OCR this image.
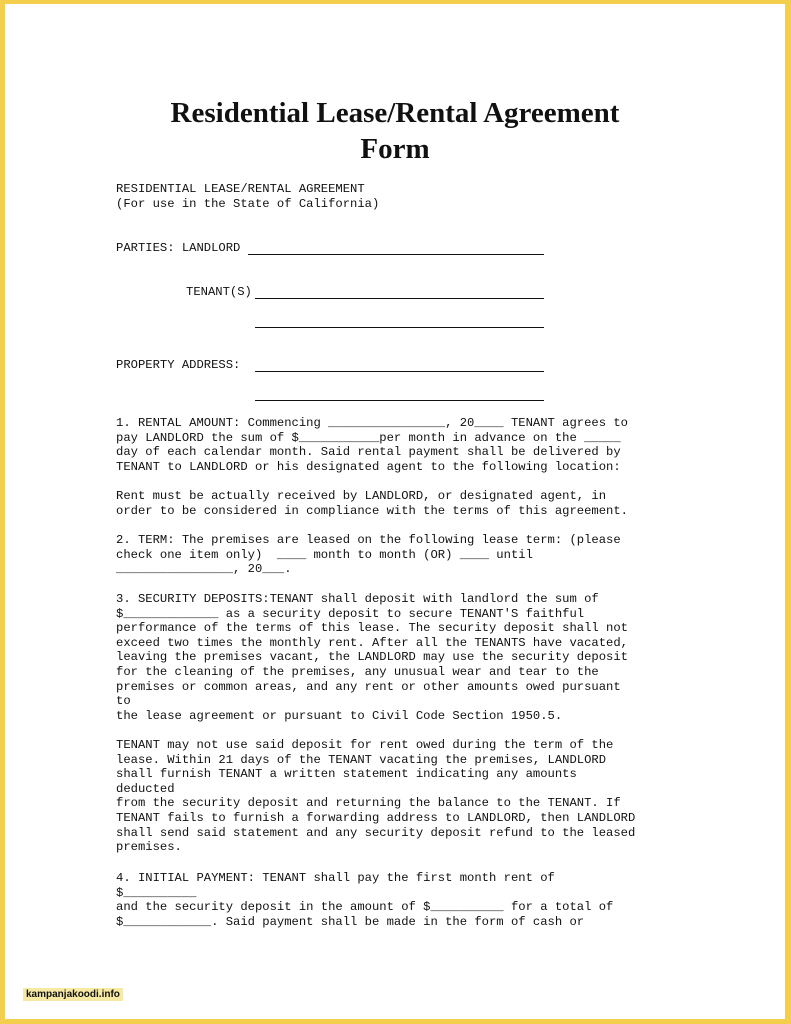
Residential Lease/Rental Agreement
Form
RESIDENTIAL LEASE/RENTAL AGREEMENT
(For use in the State of California)
PARTIES: LANDLORD
TENANT(S)
PROPERTY ADDRESS:
1. RENTAL AMOUNT: Commencing ________________, 20____ TENANT agrees to
pay LANDLORD the sum of $___________per month in advance on the _____
day of each calendar month. Said rental payment shall be delivered by
TENANT to LANDLORD or his designated agent to the following location:

Rent must be actually received by LANDLORD, or designated agent, in
order to be considered in compliance with the terms of this agreement.
2. TERM: The premises are leased on the following lease term: (please
check one item only)  ____ month to month (OR) ____ until
________________, 20___.
3. SECURITY DEPOSITS:TENANT shall deposit with landlord the sum of
$_____________ as a security deposit to secure TENANT'S faithful
performance of the terms of this lease. The security deposit shall not
exceed two times the monthly rent. After all the TENANTS have vacated,
leaving the premises vacant, the LANDLORD may use the security deposit
for the cleaning of the premises, any unusual wear and tear to the
premises or common areas, and any rent or other amounts owed pursuant
to
the lease agreement or pursuant to Civil Code Section 1950.5.

TENANT may not use said deposit for rent owed during the term of the
lease. Within 21 days of the TENANT vacating the premises, LANDLORD
shall furnish TENANT a written statement indicating any amounts
deducted
from the security deposit and returning the balance to the TENANT. If
TENANT fails to furnish a forwarding address to LANDLORD, then LANDLORD
shall send said statement and any security deposit refund to the leased
premises.
4. INITIAL PAYMENT: TENANT shall pay the first month rent of
$__________
and the security deposit in the amount of $__________ for a total of
$____________. Said payment shall be made in the form of cash or

kampanjakoodi.info
